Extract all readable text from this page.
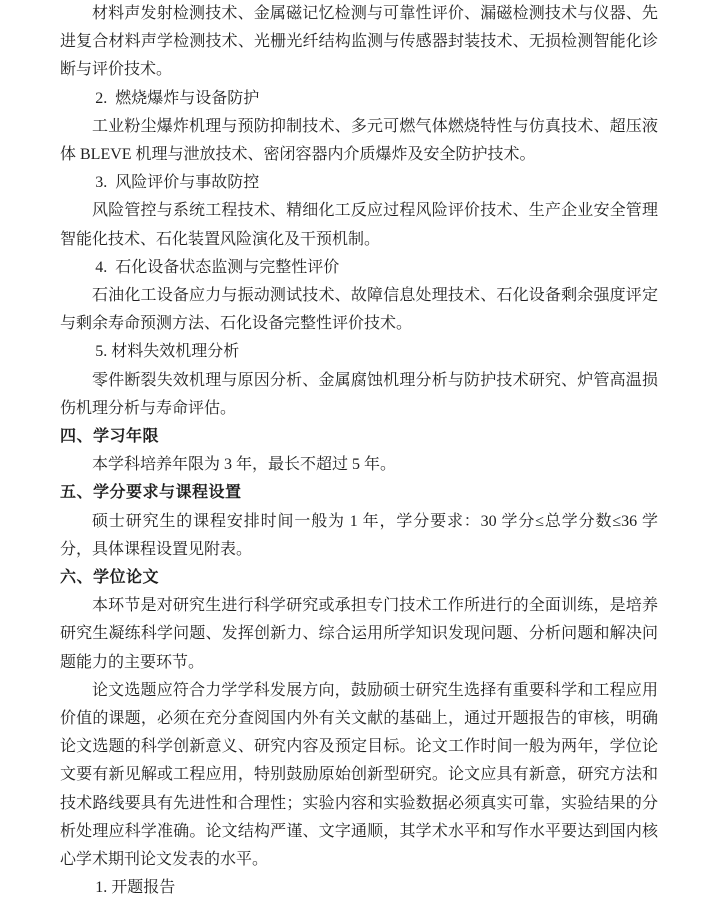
材料声发射检测技术、金属磁记忆检测与可靠性评价、漏磁检测技术与仪器、先进复合材料声学检测技术、光栅光纤结构监测与传感器封装技术、无损检测智能化诊断与评价技术。
2.  燃烧爆炸与设备防护
工业粉尘爆炸机理与预防抑制技术、多元可燃气体燃烧特性与仿真技术、超压液体 BLEVE 机理与泄放技术、密闭容器内介质爆炸及安全防护技术。
3.  风险评价与事故防控
风险管控与系统工程技术、精细化工反应过程风险评价技术、生产企业安全管理智能化技术、石化装置风险演化及干预机制。
4.  石化设备状态监测与完整性评价
石油化工设备应力与振动测试技术、故障信息处理技术、石化设备剩余强度评定与剩余寿命预测方法、石化设备完整性评价技术。
5. 材料失效机理分析
零件断裂失效机理与原因分析、金属腐蚀机理分析与防护技术研究、炉管高温损伤机理分析与寿命评估。
四、学习年限
本学科培养年限为 3 年，最长不超过 5 年。
五、学分要求与课程设置
硕士研究生的课程安排时间一般为 1 年，学分要求：30 学分≤总学分数≤36 学分，具体课程设置见附表。
六、学位论文
本环节是对研究生进行科学研究或承担专门技术工作所进行的全面训练，是培养研究生凝练科学问题、发挥创新力、综合运用所学知识发现问题、分析问题和解决问题能力的主要环节。
论文选题应符合力学学科发展方向，鼓励硕士研究生选择有重要科学和工程应用价值的课题，必须在充分查阅国内外有关文献的基础上，通过开题报告的审核，明确论文选题的科学创新意义、研究内容及预定目标。论文工作时间一般为两年，学位论文要有新见解或工程应用，特别鼓励原始创新型研究。论文应具有新意，研究方法和技术路线要具有先进性和合理性；实验内容和实验数据必须真实可靠，实验结果的分析处理应科学准确。论文结构严谨、文字通顺，其学术水平和写作水平要达到国内核心学术期刊论文发表的水平。
1. 开题报告
